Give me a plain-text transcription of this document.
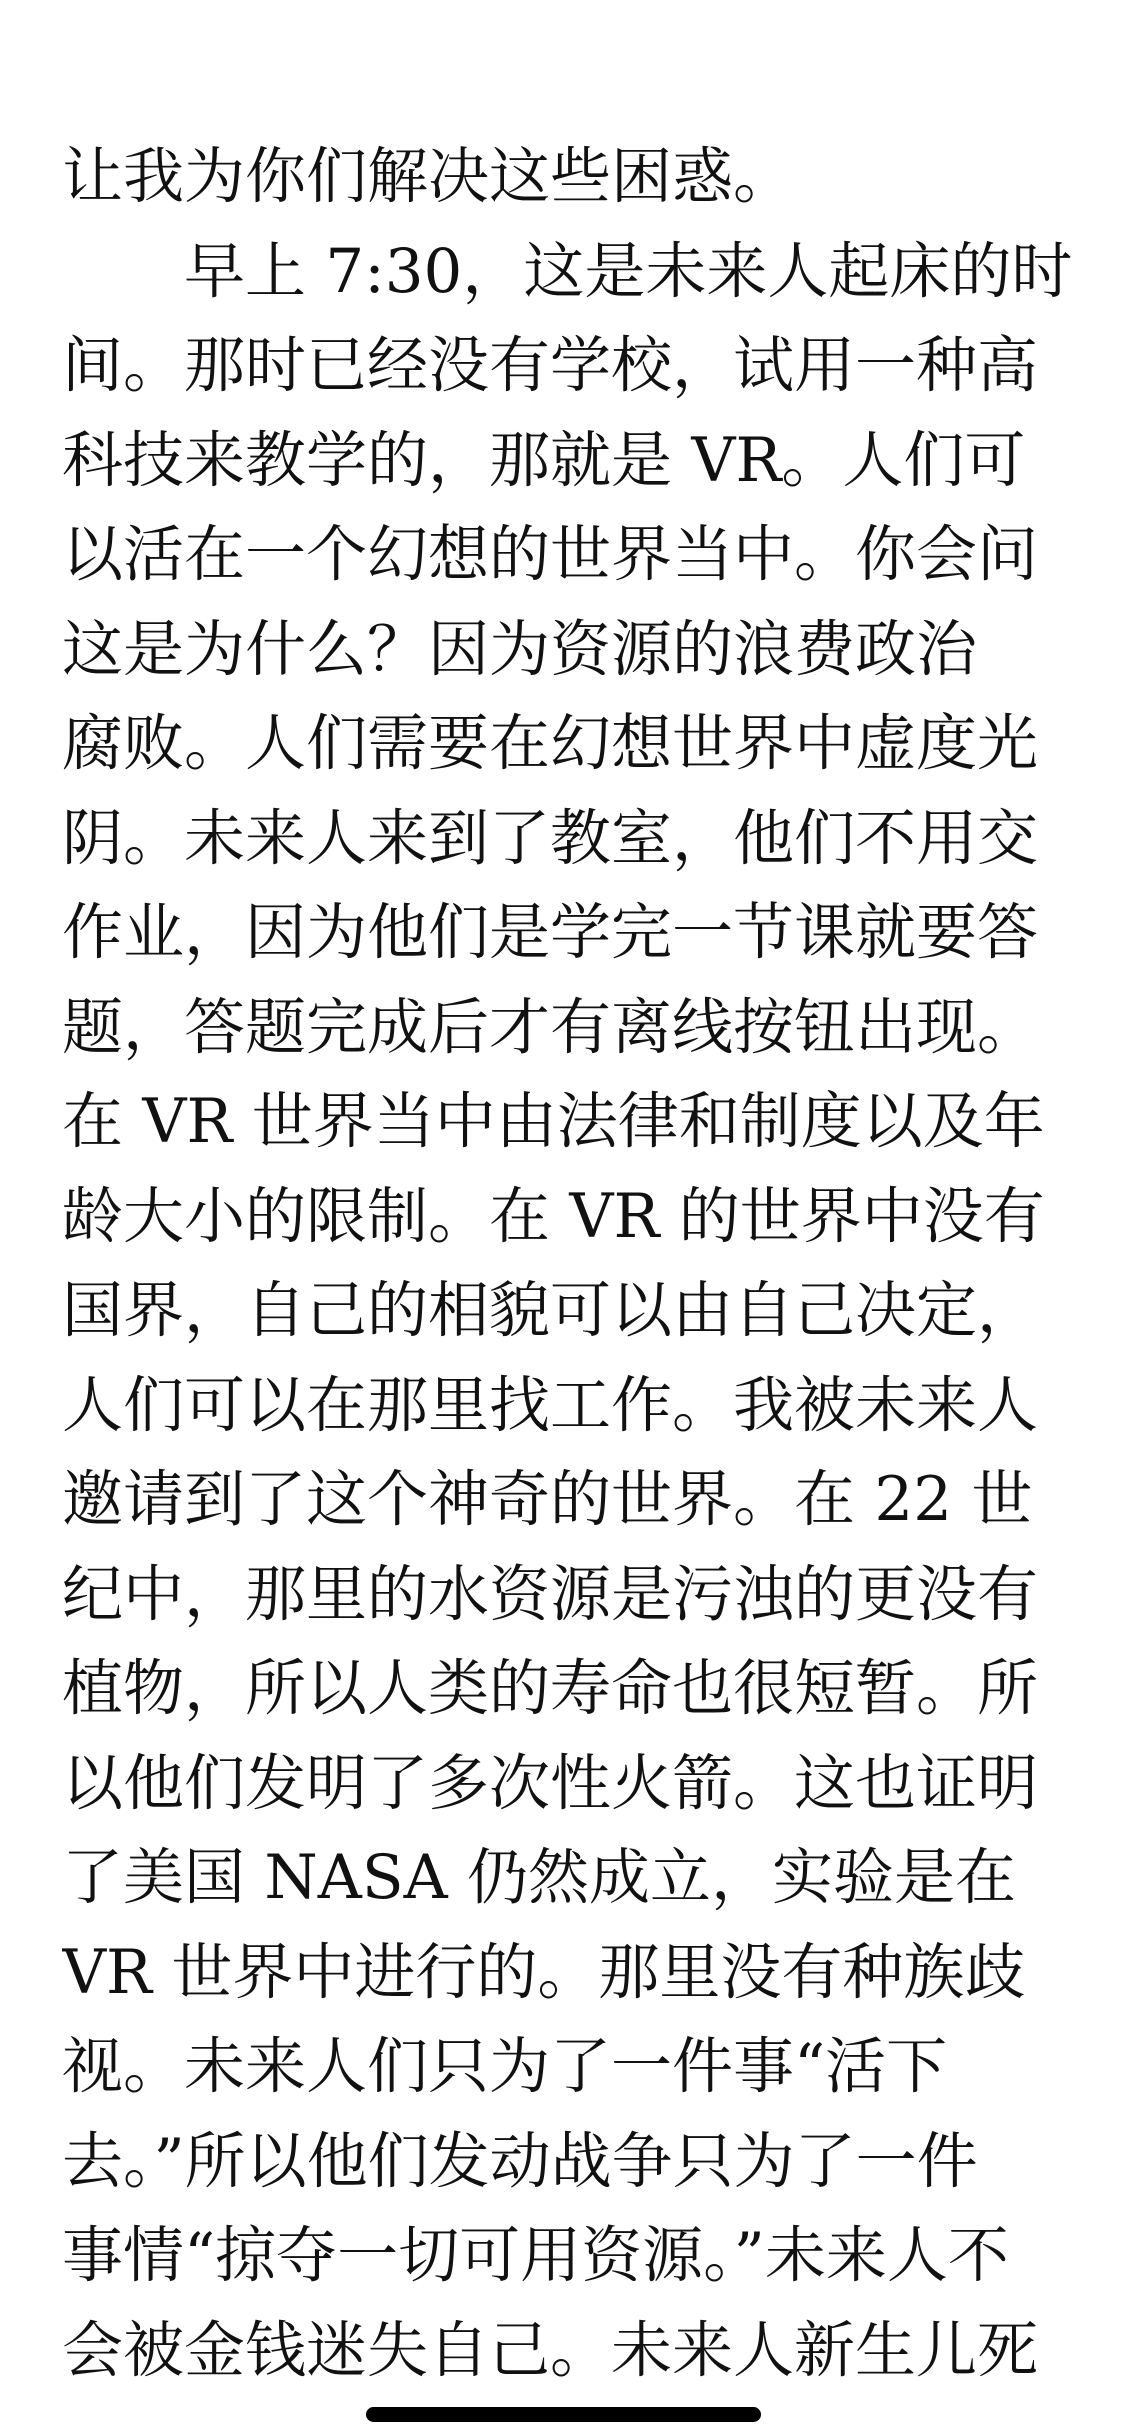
让我为你们解决这些困惑。
　　早上 7:30，这是未来人起床的时
间。那时已经没有学校，试用一种高
科技来教学的，那就是 VR。人们可
以活在一个幻想的世界当中。你会问
这是为什么？因为资源的浪费政治
腐败。人们需要在幻想世界中虚度光
阴。未来人来到了教室，他们不用交
作业，因为他们是学完一节课就要答
题，答题完成后才有离线按钮出现。
在 VR 世界当中由法律和制度以及年
龄大小的限制。在 VR 的世界中没有
国界，自己的相貌可以由自己决定，
人们可以在那里找工作。我被未来人
邀请到了这个神奇的世界。在 22 世
纪中，那里的水资源是污浊的更没有
植物，所以人类的寿命也很短暂。所
以他们发明了多次性火箭。这也证明
了美国 NASA 仍然成立，实验是在
VR 世界中进行的。那里没有种族歧
视。未来人们只为了一件事“活下
去。”所以他们发动战争只为了一件
事情“掠夺一切可用资源。”未来人不
会被金钱迷失自己。未来人新生儿死
